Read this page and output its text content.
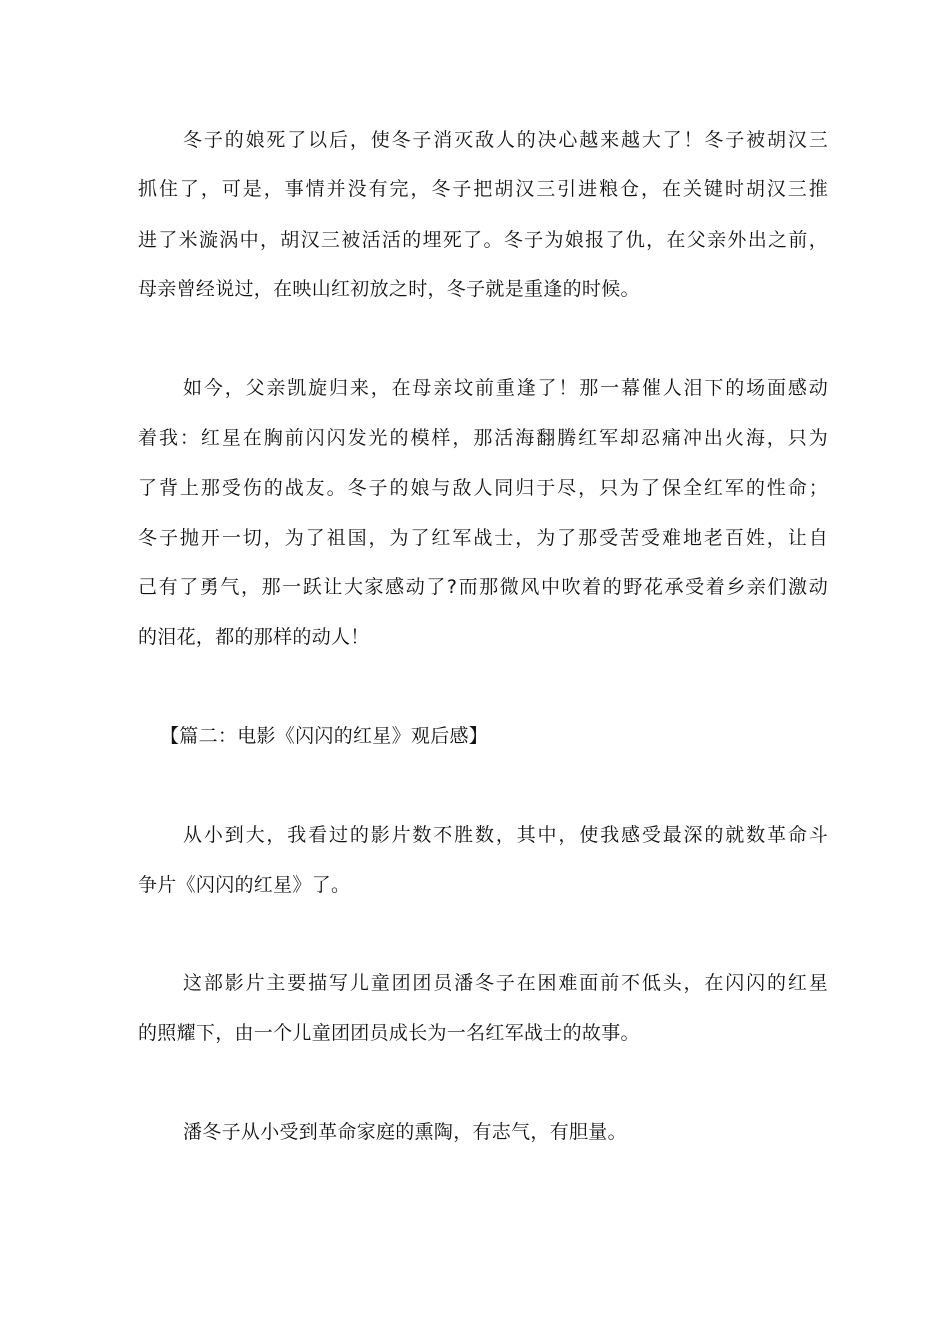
冬子的娘死了以后，使冬子消灭敌人的决心越来越大了！冬子被胡汉三
抓住了，可是，事情并没有完，冬子把胡汉三引进粮仓，在关键时胡汉三推
进了米漩涡中，胡汉三被活活的埋死了。冬子为娘报了仇，在父亲外出之前，
母亲曾经说过，在映山红初放之时，冬子就是重逢的时候。
如今，父亲凯旋归来，在母亲坟前重逢了！那一幕催人泪下的场面感动
着我：红星在胸前闪闪发光的模样，那活海翻腾红军却忍痛冲出火海，只为
了背上那受伤的战友。冬子的娘与敌人同归于尽，只为了保全红军的性命；
冬子抛开一切，为了祖国，为了红军战士，为了那受苦受难地老百姓，让自
己有了勇气，那一跃让大家感动了?而那微风中吹着的野花承受着乡亲们激动
的泪花，都的那样的动人！
【篇二：电影《闪闪的红星》观后感】
从小到大，我看过的影片数不胜数，其中，使我感受最深的就数革命斗
争片《闪闪的红星》了。
这部影片主要描写儿童团团员潘冬子在困难面前不低头，在闪闪的红星
的照耀下，由一个儿童团团员成长为一名红军战士的故事。
潘冬子从小受到革命家庭的熏陶，有志气，有胆量。
